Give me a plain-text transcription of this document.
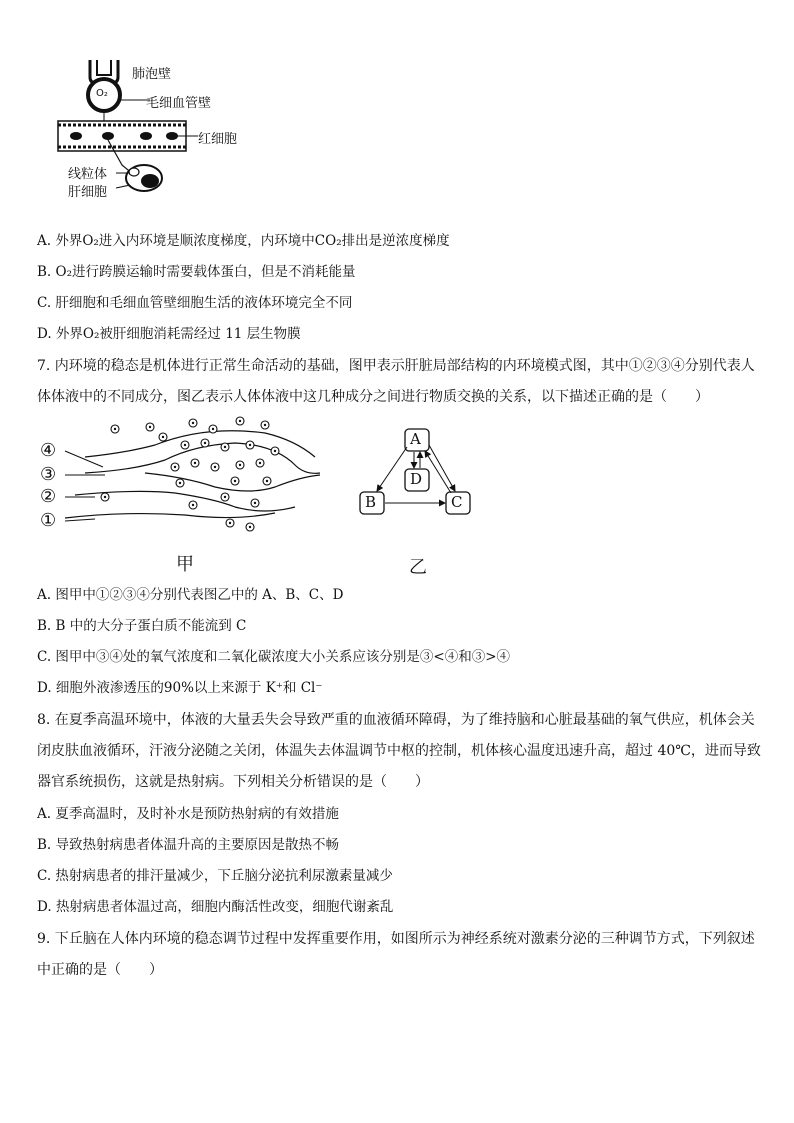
肺泡壁
O₂
毛细血管壁
红细胞
线粒体
肝细胞
A. 外界O₂进入内环境是顺浓度梯度，内环境中CO₂排出是逆浓度梯度
B. O₂进行跨膜运输时需要载体蛋白，但是不消耗能量
C. 肝细胞和毛细血管壁细胞生活的液体环境完全不同
D. 外界O₂被肝细胞消耗需经过 11 层生物膜
7. 内环境的稳态是机体进行正常生命活动的基础，图甲表示肝脏局部结构的内环境模式图，其中①②③④分别代表人
体体液中的不同成分，图乙表示人体体液中这几种成分之间进行物质交换的关系，以下描述正确的是（　　）
④
③
②
①
甲
A
D
B	C
乙
A. 图甲中①②③④分别代表图乙中的 A、B、C、D
B. B 中的大分子蛋白质不能流到 C
C. 图甲中③④处的氧气浓度和二氧化碳浓度大小关系应该分别是③<④和③>④
D. 细胞外液渗透压的90%以上来源于 K⁺和 Cl⁻
8. 在夏季高温环境中，体液的大量丢失会导致严重的血液循环障碍，为了维持脑和心脏最基础的氧气供应，机体会关
闭皮肤血液循环，汗液分泌随之关闭，体温失去体温调节中枢的控制，机体核心温度迅速升高，超过 40℃，进而导致
器官系统损伤，这就是热射病。下列相关分析错误的是（　　）
A. 夏季高温时，及时补水是预防热射病的有效措施
B. 导致热射病患者体温升高的主要原因是散热不畅
C. 热射病患者的排汗量减少，下丘脑分泌抗利尿激素量减少
D. 热射病患者体温过高，细胞内酶活性改变，细胞代谢紊乱
9. 下丘脑在人体内环境的稳态调节过程中发挥重要作用，如图所示为神经系统对激素分泌的三种调节方式，下列叙述
中正确的是（　　）
